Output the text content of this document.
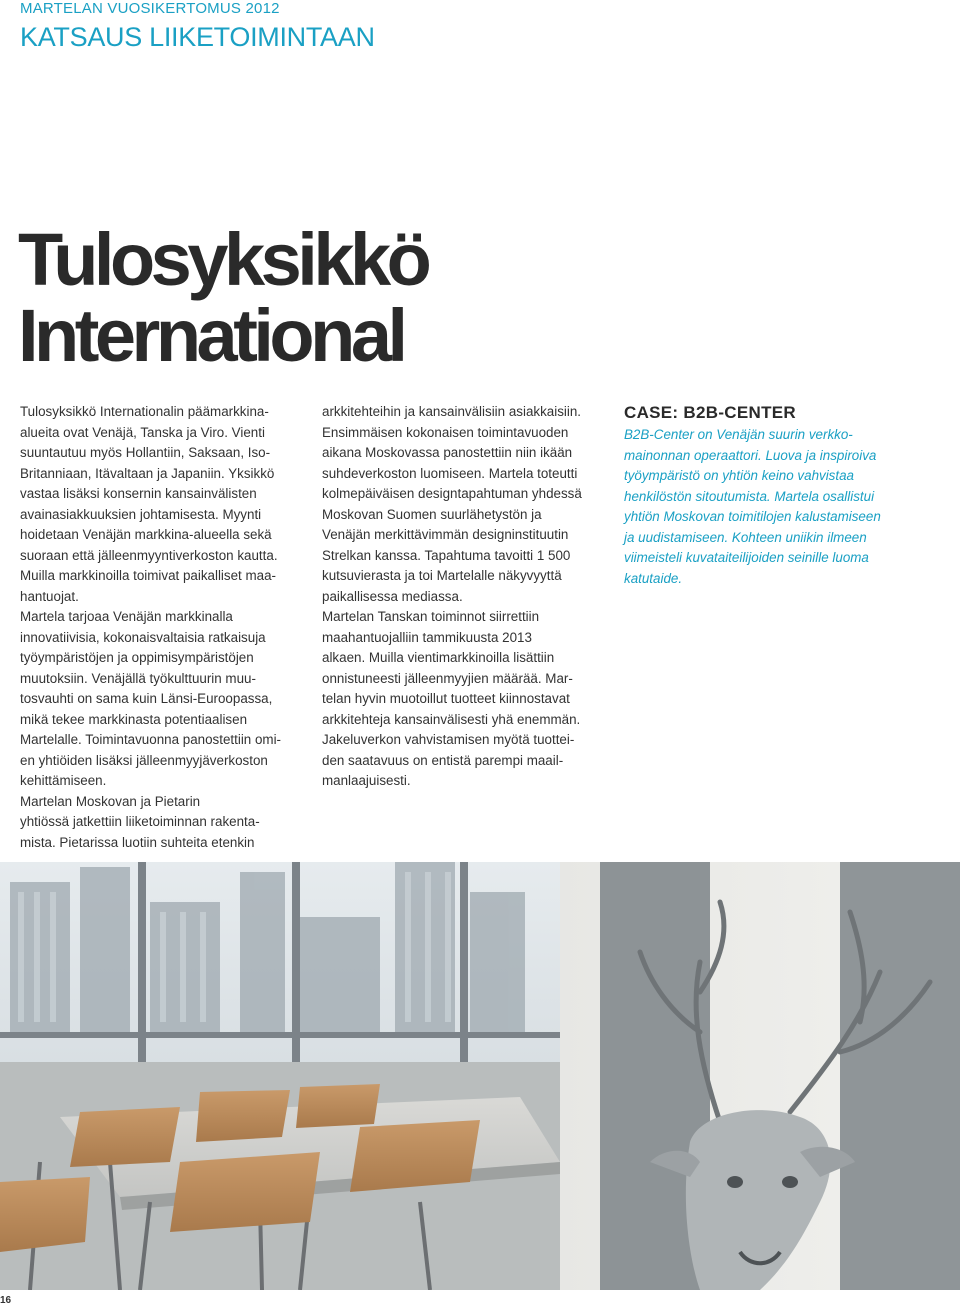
MARTELAN VUOSIKERTOMUS 2012
KATSAUS LIIKETOIMINTAAN
Tulosyksikkö
International

Tulosyksikkö Internationalin päämarkkina-
alueita ovat Venäjä, Tanska ja Viro. Vienti
suuntautuu myös Hollantiin, Saksaan, Iso-
Britanniaan, Itävaltaan ja Japaniin. Yksikkö
vastaa lisäksi konsernin kansainvälisten
avainasiakkuuksien johtamisesta. Myynti
hoidetaan Venäjän markkina-alueella sekä
suoraan että jälleenmyyntiverkoston kautta.
Muilla markkinoilla toimivat paikalliset maa-
hantuojat.

Martela tarjoaa Venäjän markkinalla
innovatiivisia, kokonaisvaltaisia ratkaisuja
työympäristöjen ja oppimisympäristöjen
muutoksiin. Venäjällä työkulttuurin muu-
tosvauhti on sama kuin Länsi-Euroopassa,
mikä tekee markkinasta potentiaalisen
Martelalle. Toimintavuonna panostettiin omi-
en yhtiöiden lisäksi jälleenmyyjäverkoston
kehittämiseen.

Martelan Moskovan ja Pietarin
yhtiössä jatkettiin liiketoiminnan rakenta-
mista. Pietarissa luotiin suhteita etenkin

arkkitehteihin ja kansainvälisiin asiakkaisiin.
Ensimmäisen kokonaisen toimintavuoden
aikana Moskovassa panostettiin niin ikään
suhdeverkoston luomiseen. Martela toteutti
kolmepäiväisen designtapahtuman yhdessä
Moskovan Suomen suurlähetystön ja
Venäjän merkittävimmän designinstituutin
Strelkan kanssa. Tapahtuma tavoitti 1 500
kutsuvierasta ja toi Martelalle näkyvyyttä
paikallisessa mediassa.

Martelan Tanskan toiminnot siirrettiin
maahantuojalliin tammikuusta 2013
alkaen. Muilla vientimarkkinoilla lisättiin
onnistuneesti jälleenmyyjien määrää. Mar-
telan hyvin muotoillut tuotteet kiinnostavat
arkkitehteja kansainvälisesti yhä enemmän.
Jakeluverkon vahvistamisen myötä tuottei-
den saatavuus on entistä parempi maail-
manlaajuisesti.

CASE: B2B-CENTER

B2B-Center on Venäjän suurin verkko-
mainonnan operaattori. Luova ja inspiroiva
työympäristö on yhtiön keino vahvistaa
henkilöstön sitoutumista. Martela osallistui
yhtiön Moskovan toimitilojen kalustamiseen
ja uudistamiseen. Kohteen uniikin ilmeen
viimeisteli kuvataiteilijoiden seinille luoma
katutaide.

16
